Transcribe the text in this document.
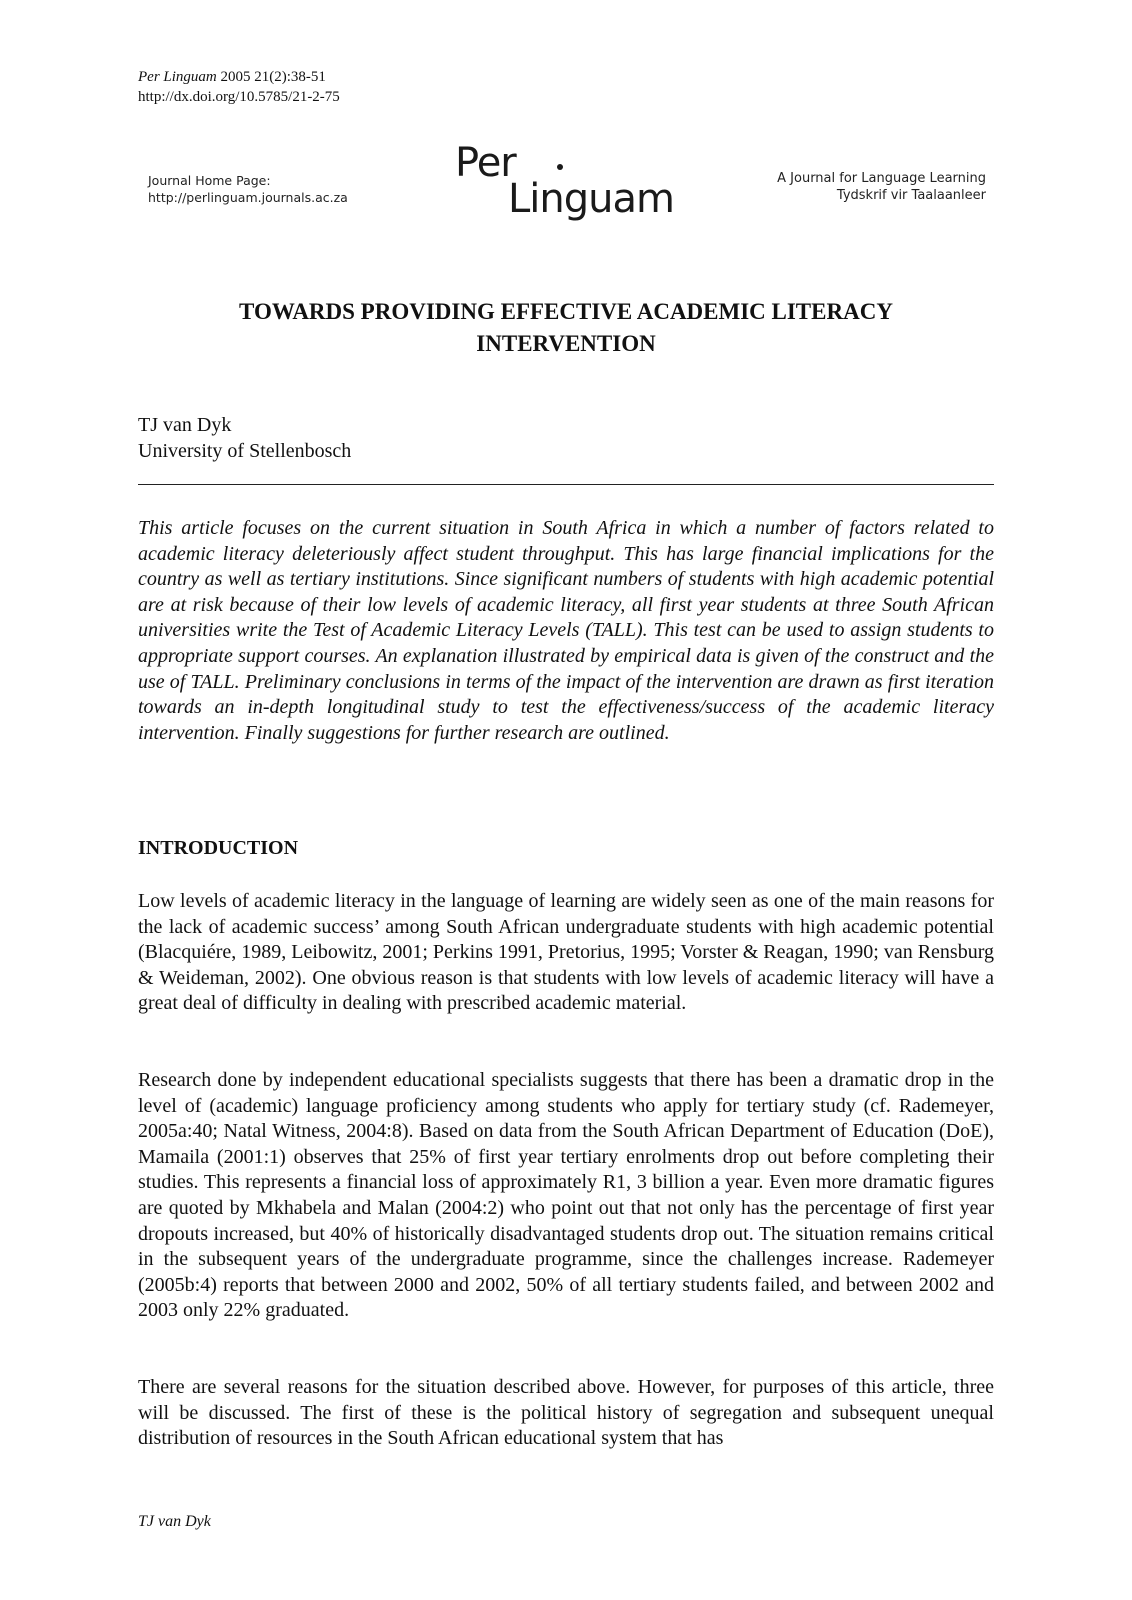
Per Linguam 2005 21(2):38-51
http://dx.doi.org/10.5785/21-2-75
Journal Home Page:
http://perlinguam.journals.ac.za
Per
Linguam	A Journal for Language Learning
Tydskrif vir Taalaanleer
TOWARDS PROVIDING EFFECTIVE ACADEMIC LITERACY
INTERVENTION
TJ van Dyk
University of Stellenbosch

This article focuses on the current situation in South Africa in which a number of factors related to academic literacy deleteriously affect student throughput. This has large financial implications for the country as well as tertiary institutions. Since significant numbers of students with high academic potential are at risk because of their low levels of academic literacy, all first year students at three South African universities write the Test of Academic Literacy Levels (TALL). This test can be used to assign students to appropriate support courses. An explanation illustrated by empirical data is given of the construct and the use of TALL. Preliminary conclusions in terms of the impact of the intervention are drawn as first iteration towards an in-depth longitudinal study to test the effectiveness/success of the academic literacy intervention. Finally suggestions for further research are outlined.

INTRODUCTION

Low levels of academic literacy in the language of learning are widely seen as one of the main reasons for the lack of academic success’ among South African undergraduate students with high academic potential (Blacquiére, 1989, Leibowitz, 2001; Perkins 1991, Pretorius, 1995; Vorster & Reagan, 1990; van Rensburg & Weideman, 2002). One obvious reason is that students with low levels of academic literacy will have a great deal of difficulty in dealing with prescribed academic material.

Research done by independent educational specialists suggests that there has been a dramatic drop in the level of (academic) language proficiency among students who apply for tertiary study (cf. Rademeyer, 2005a:40; Natal Witness, 2004:8). Based on data from the South African Department of Education (DoE), Mamaila (2001:1) observes that 25% of first year tertiary enrolments drop out before completing their studies. This represents a financial loss of approximately R1, 3 billion a year. Even more dramatic figures are quoted by Mkhabela and Malan (2004:2) who point out that not only has the percentage of first year dropouts increased, but 40% of historically disadvantaged students drop out. The situation remains critical in the subsequent years of the undergraduate programme, since the challenges increase. Rademeyer (2005b:4) reports that between 2000 and 2002, 50% of all tertiary students failed, and between 2002 and 2003 only 22% graduated.

There are several reasons for the situation described above. However, for purposes of this article, three will be discussed. The first of these is the political history of segregation and subsequent unequal distribution of resources in the South African educational system that has

TJ van Dyk
